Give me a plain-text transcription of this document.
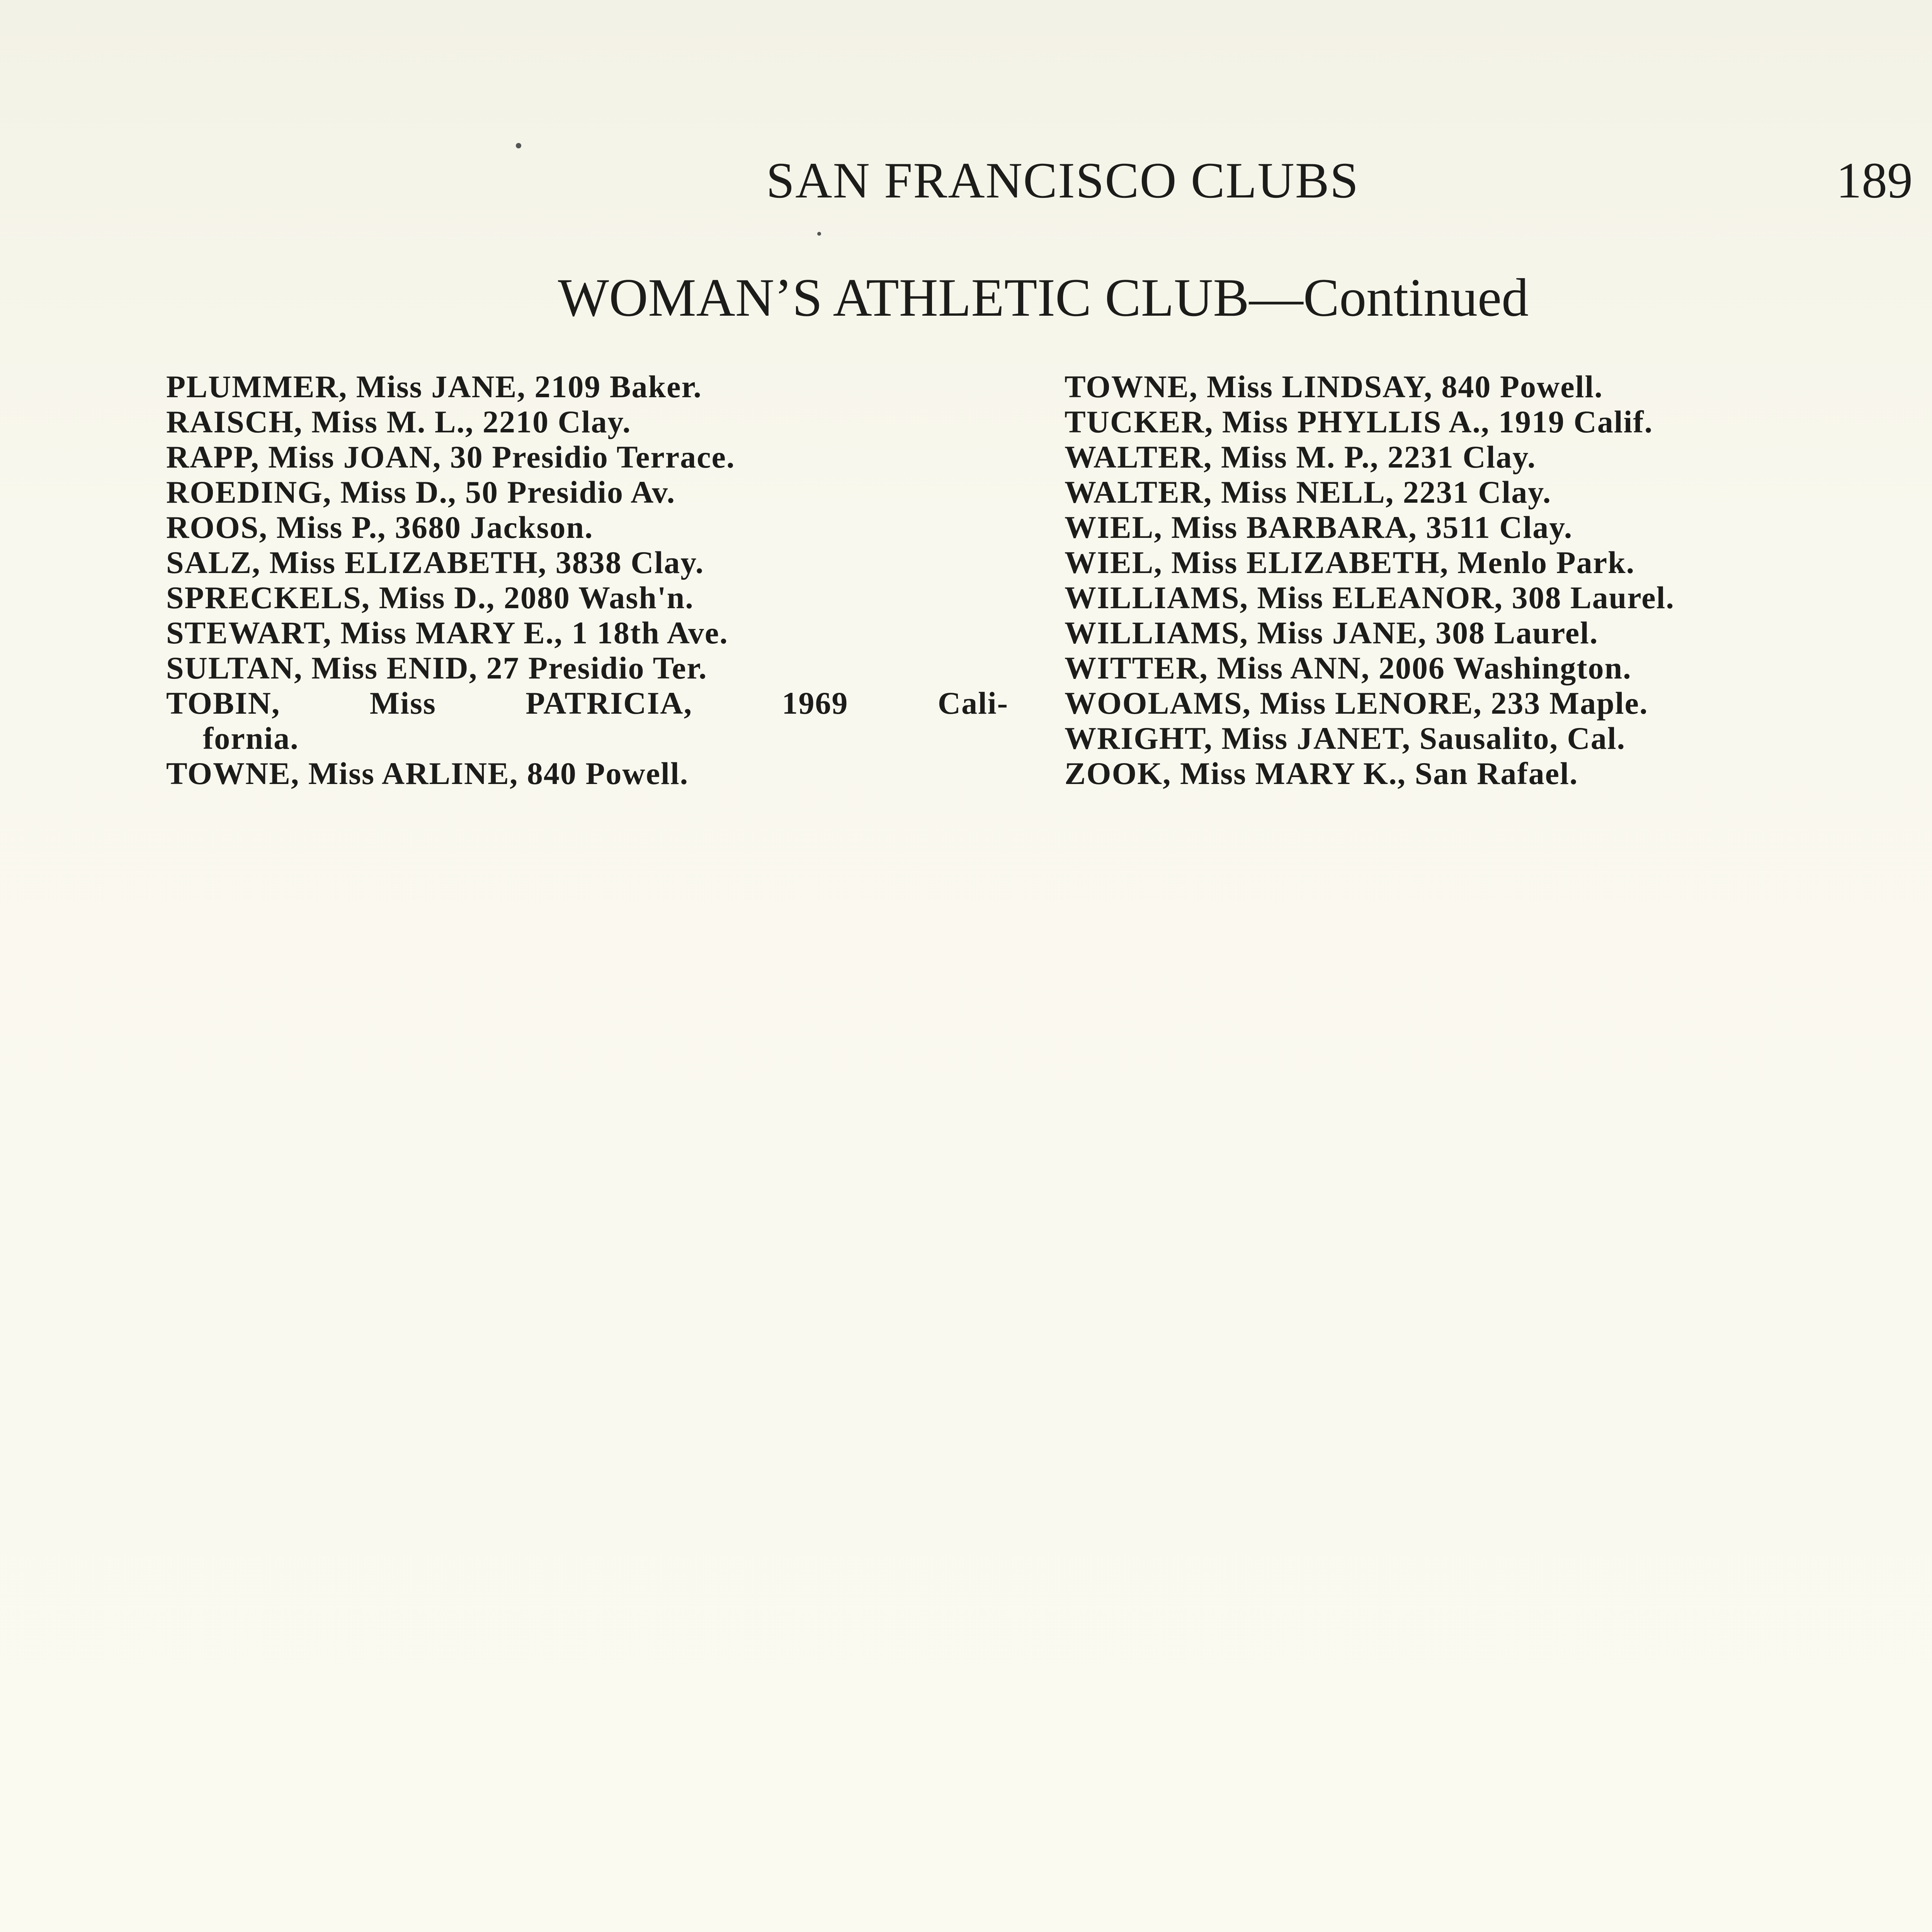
SAN FRANCISCO CLUBS	189
WOMAN’S ATHLETIC CLUB—Continued
PLUMMER, Miss JANE, 2109 Baker.
RAISCH, Miss M. L., 2210 Clay.
RAPP, Miss JOAN, 30 Presidio Terrace.
ROEDING, Miss D., 50 Presidio Av.
ROOS, Miss P., 3680 Jackson.
SALZ, Miss ELIZABETH, 3838 Clay.
SPRECKELS, Miss D., 2080 Wash'n.
STEWART, Miss MARY E., 1 18th Ave.
SULTAN, Miss ENID, 27 Presidio Ter.
TOBIN, Miss PATRICIA, 1969 Cali-
fornia.
TOWNE, Miss ARLINE, 840 Powell.
TOWNE, Miss LINDSAY, 840 Powell.
TUCKER, Miss PHYLLIS A., 1919 Calif.
WALTER, Miss M. P., 2231 Clay.
WALTER, Miss NELL, 2231 Clay.
WIEL, Miss BARBARA, 3511 Clay.
WIEL, Miss ELIZABETH, Menlo Park.
WILLIAMS, Miss ELEANOR, 308 Laurel.
WILLIAMS, Miss JANE, 308 Laurel.
WITTER, Miss ANN, 2006 Washington.
WOOLAMS, Miss LENORE, 233 Maple.
WRIGHT, Miss JANET, Sausalito, Cal.
ZOOK, Miss MARY K., San Rafael.
